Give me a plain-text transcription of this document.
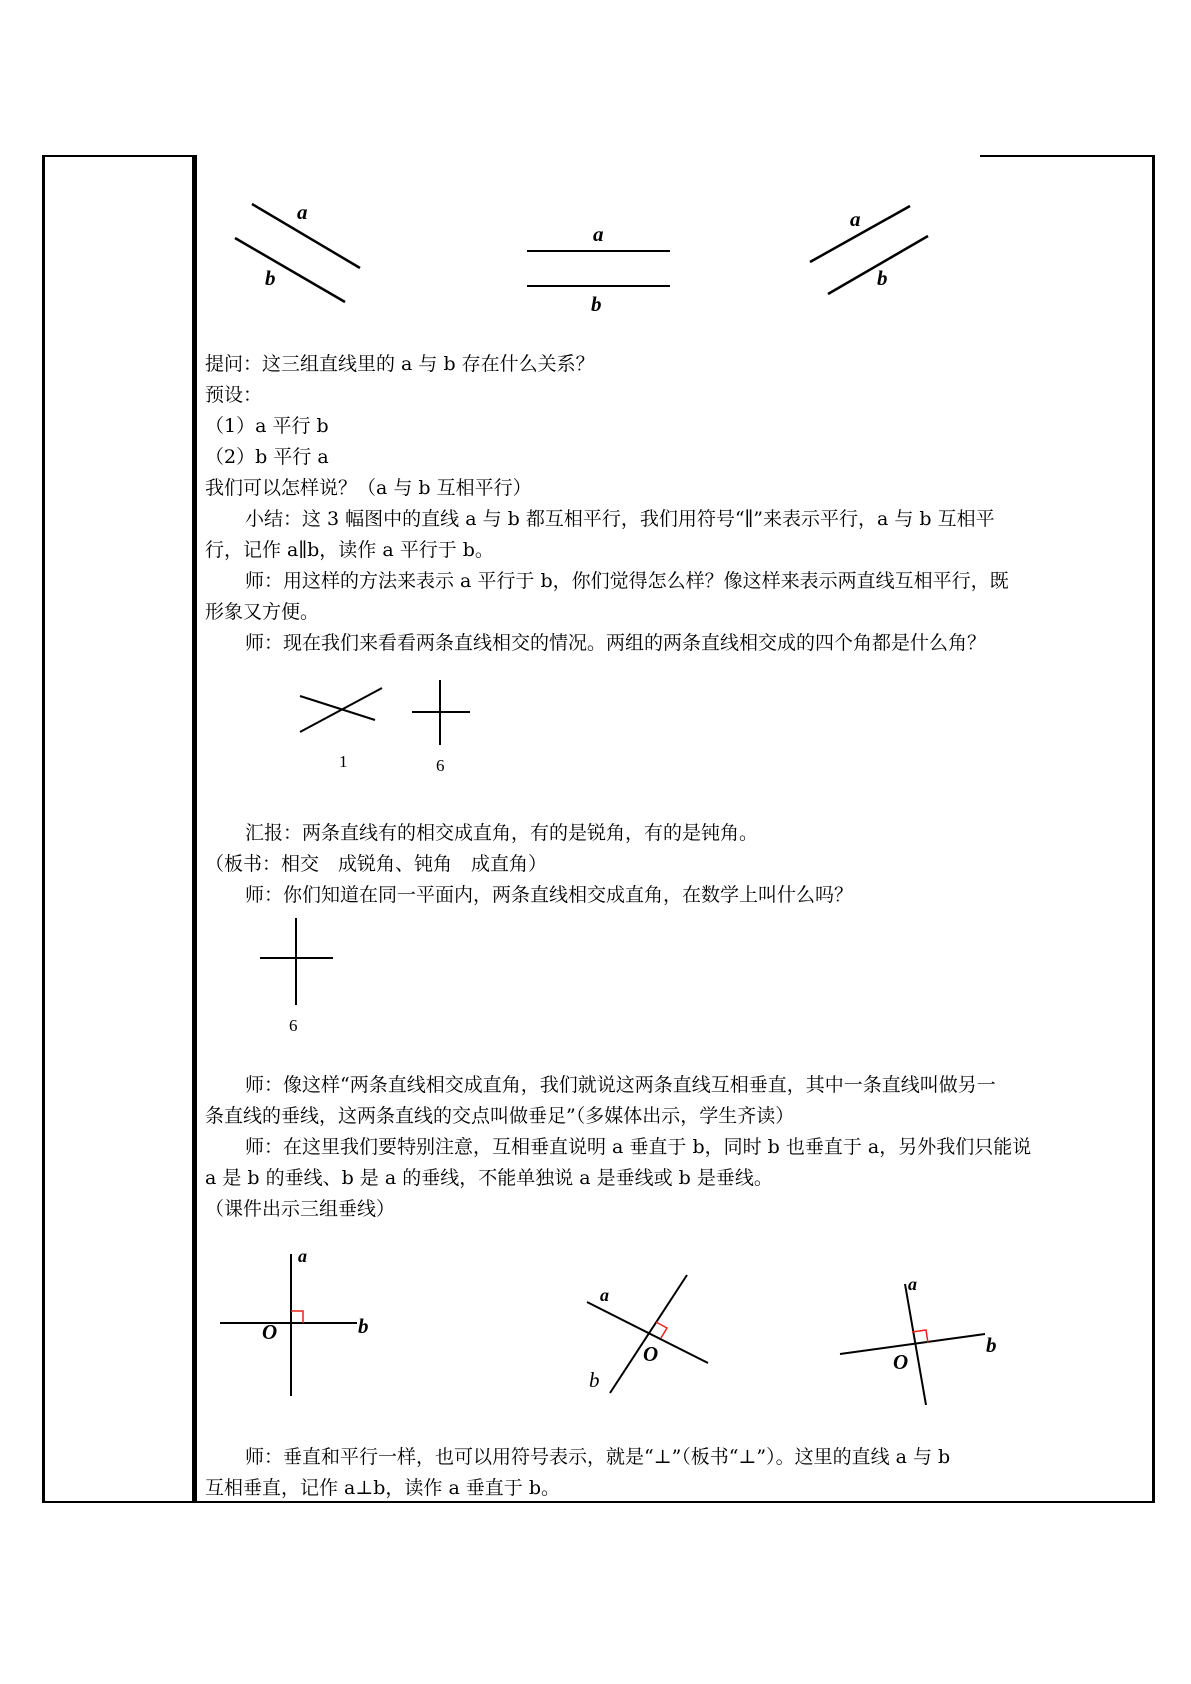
a
b
a
b
a
b
提问：这三组直线里的 a 与 b 存在什么关系？
预设：
（1）a 平行 b
（2）b 平行 a
我们可以怎样说？（a 与 b 互相平行）
小结：这 3 幅图中的直线 a 与 b 都互相平行，我们用符号“∥”来表示平行，a 与 b 互相平
行，记作 a∥b，读作 a 平行于 b。
师：用这样的方法来表示 a 平行于 b，你们觉得怎么样？像这样来表示两直线互相平行，既
形象又方便。
师：现在我们来看看两条直线相交的情况。两组的两条直线相交成的四个角都是什么角？
1	6
汇报：两条直线有的相交成直角，有的是锐角，有的是钝角。
（板书：相交　成锐角、钝角　成直角）
师：你们知道在同一平面内，两条直线相交成直角，在数学上叫什么吗？
6
师：像这样“两条直线相交成直角，我们就说这两条直线互相垂直，其中一条直线叫做另一
条直线的垂线，这两条直线的交点叫做垂足”（多媒体出示，学生齐读）
师：在这里我们要特别注意，互相垂直说明 a 垂直于 b，同时 b 也垂直于 a，另外我们只能说
a 是 b 的垂线、b 是 a 的垂线，不能单独说 a 是垂线或 b 是垂线。
（课件出示三组垂线）
a
b
O
a
b
O
a
b
O
师：垂直和平行一样，也可以用符号表示，就是“⊥”（板书“⊥”）。这里的直线 a 与 b
互相垂直，记作 a⊥b，读作 a 垂直于 b。
